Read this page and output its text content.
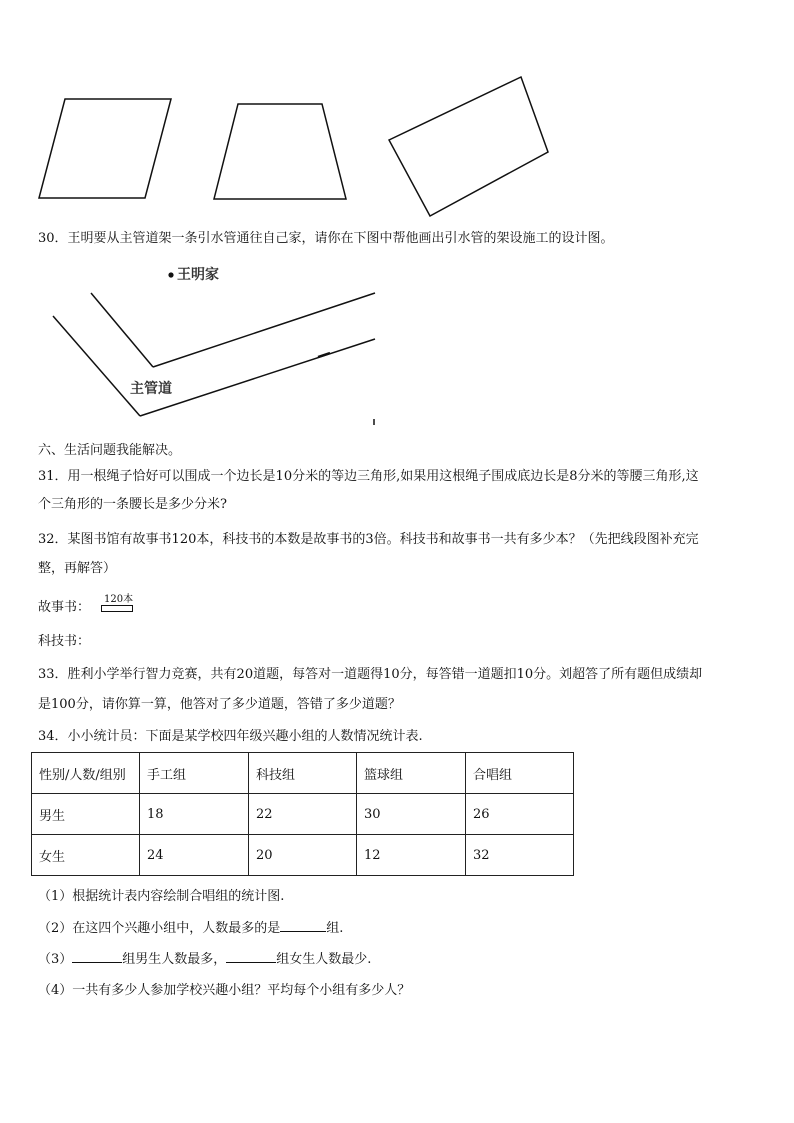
30．王明要从主管道架一条引水管通往自己家，请你在下图中帮他画出引水管的架设施工的设计图。
王明家
主管道
六、生活问题我能解决。
31．用一根绳子恰好可以围成一个边长是10分米的等边三角形,如果用这根绳子围成底边长是8分米的等腰三角形,这
个三角形的一条腰长是多少分米?
32．某图书馆有故事书120本，科技书的本数是故事书的3倍。科技书和故事书一共有多少本？（先把线段图补充完
整，再解答）
故事书：
120本
科技书：
33．胜利小学举行智力竞赛，共有20道题，每答对一道题得10分，每答错一道题扣10分。刘超答了所有题但成绩却
是100分，请你算一算，他答对了多少道题，答错了多少道题？
34．小小统计员：下面是某学校四年级兴趣小组的人数情况统计表.
性别/人数/组别	手工组	科技组	篮球组	合唱组
男生	18	22	30	26
女生	24	20	12	32
（1）根据统计表内容绘制合唱组的统计图.
（2）在这四个兴趣小组中，人数最多的是	组.
（3）	组男生人数最多，	组女生人数最少.
（4）一共有多少人参加学校兴趣小组？平均每个小组有多少人？
